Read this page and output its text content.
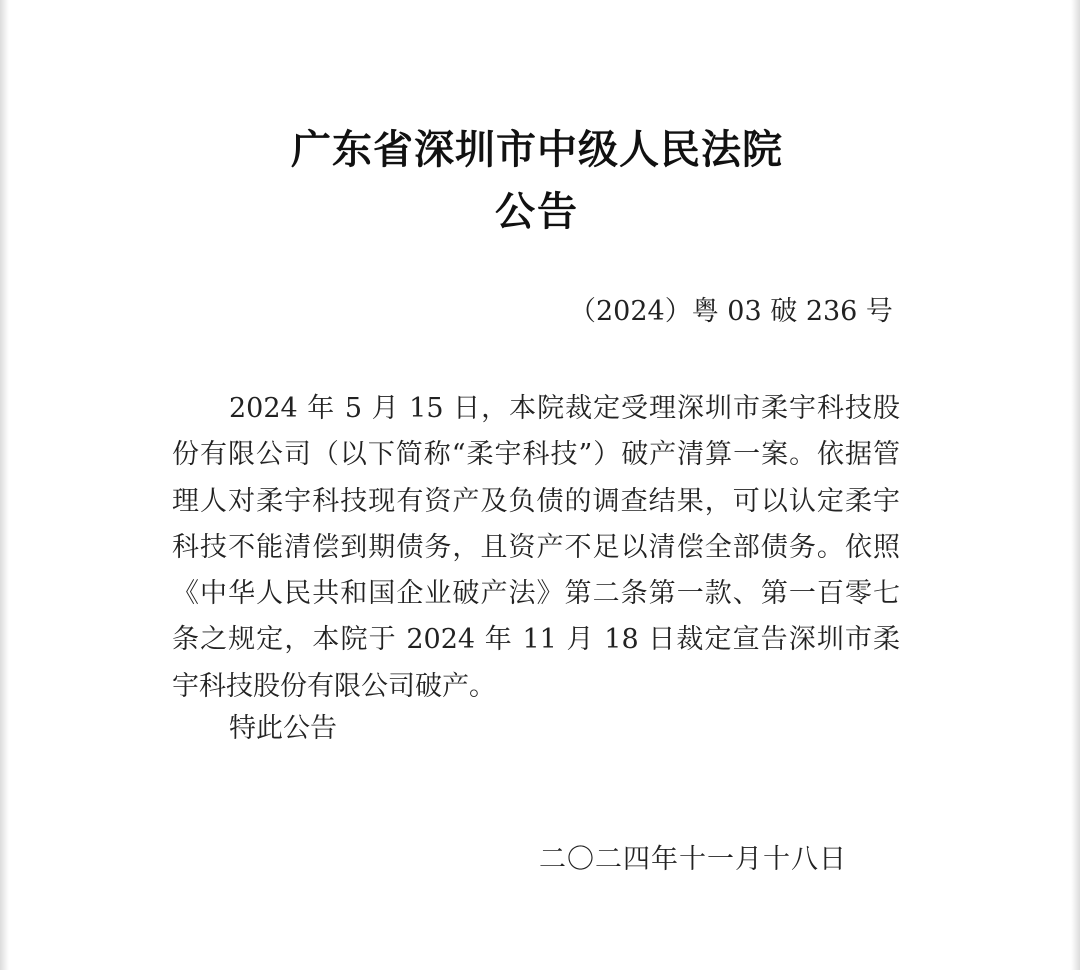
广东省深圳市中级人民法院
公告
（2024）粤 03 破 236 号

2024 年 5 月 15 日，本院裁定受理深圳市柔宇科技股份有限公司（以下简称“柔宇科技”）破产清算一案。依据管理人对柔宇科技现有资产及负债的调查结果，可以认定柔宇科技不能清偿到期债务，且资产不足以清偿全部债务。依照《中华人民共和国企业破产法》第二条第一款、第一百零七条之规定，本院于 2024 年 11 月 18 日裁定宣告深圳市柔宇科技股份有限公司破产。

特此公告
二〇二四年十一月十八日
